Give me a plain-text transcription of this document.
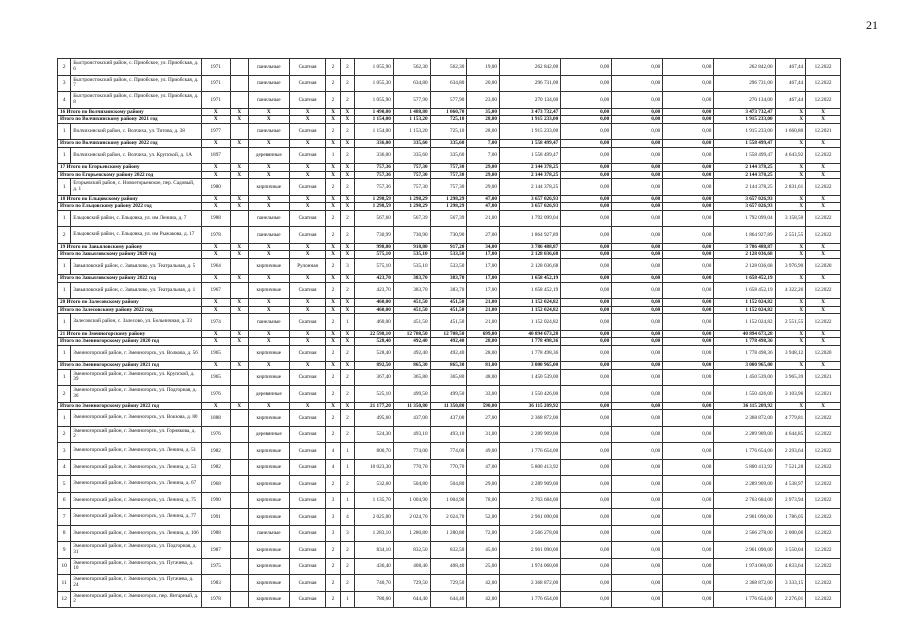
21
2	Быстроистокский район, с. Приобское, ул. Приобская, д. 6	1971		панельные	Скатная	2	2	1 055,90	562,30	562,30	19,00	262 842,00	0,00	0,00	0,00	262 842,00	467,44	12.2022
3	Быстроистокский район, с. Приобское, ул. Приобская, д. 7	1971		панельные	Скатная	2	2	1 055,30	634,80	634,80	20,00	296 731,00	0,00	0,00	0,00	296 731,00	467,44	12.2022
4	Быстроистокский район, с. Приобское, ул. Приобская, д. 8	1971		панельные	Скатная	2	2	1 055,90	577,90	577,90	23,00	270 134,00	0,00	0,00	0,00	270 134,00	467,44	12.2022
16 Итого по Волчихинскому району		X	X	X	X	X	X	1 490,00	1 488,80	1 060,70	35,00	3 473 732,47	0,00	0,00	0,00	3 473 732,47	X	X
Итого по Волчихинскому району 2021 год		X	X	X	X	X	X	1 154,00	1 153,20	725,10	28,00	1 915 233,00	0,00	0,00	0,00	1 915 233,00	X	X
1	Волчихинский район, с. Волчиха, ул. Титова, д. 38	1977		панельные	Скатная	2	2	1 154,00	1 153,20	725,10	28,00	1 915 233,00	0,00	0,00	0,00	1 915 233,00	1 660,80	12.2021
Итого по Волчихинскому району 2022 год		X	X	X	X	X	X	336,00	335,60	335,60	7,00	1 558 499,47	0,00	0,00	0,00	1 558 499,47	X	X
1	Волчихинский район, с. Волчиха, ул. Крупской, д. 1А	1897		деревянные	Скатная	1	2	336,00	335,60	335,60	7,00	1 558 499,47	0,00	0,00	0,00	1 558 499,47	4 643,92	12.2022
17 Итого по Егорьевскому району		X	X	X	X	X	X	757,36	757,30	757,30	29,00	2 144 378,25	0,00	0,00	0,00	2 144 378,25	X	X
Итого по Егорьевскому району 2022 год		X	X	X	X	X	X	757,36	757,30	757,30	29,00	2 144 378,25	0,00	0,00	0,00	2 144 378,25	X	X
1	Егорьевский район, с. Новоегорьевское, пер. Садовый, д. 1	1980		кирпичные	Скатная	2	2	757,36	757,30	757,30	29,00	2 144 378,25	0,00	0,00	0,00	2 144 378,25	2 831,61	12.2022
18 Итого по Ельцовскому району		X	X	X	X	X	X	1 298,59	1 298,29	1 298,29	47,00	3 657 026,93	0,00	0,00	0,00	3 657 026,93	X	X
Итого по Ельцовскому району 2022 год		X	X	X	X	X	X	1 298,59	1 298,29	1 298,29	47,00	3 657 026,93	0,00	0,00	0,00	3 657 026,93	X	X
1	Ельцовский район, с. Ельцовка, ул. им Ленина, д. 7	1988		панельные	Скатная	2	2	567,60	567,39	567,39	21,00	1 792 099,04	0,00	0,00	0,00	1 792 099,04	3 158,50	12.2022
2	Ельцовский район, с. Ельцовка, ул. им Рыжакова, д. 17	1978		панельные	Скатная	2	2	730,99	730,90	730,90	27,00	1 864 927,89	0,00	0,00	0,00	1 864 927,89	2 551,55	12.2022
19 Итого по Завьяловскому району		X	X	X	X	X	X	998,80	918,80	917,20	34,00	3 786 488,87	0,00	0,00	0,00	3 786 488,87	X	X
Итого по Завьяловскому району 2020 год		X	X	X	X	X	X	575,10	535,10	533,50	17,00	2 128 036,68	0,00	0,00	0,00	2 128 036,68	X	X
1	Завьяловский район, с. Завьялово, ул. Театральная, д. 5	1964		кирпичные	Рулонная	2	3	575,10	535,10	533,50	17,00	2 128 036,68	0,00	0,00	0,00	2 128 036,68	3 976,90	12.2020
Итого по Завьяловскому району 2022 год		X	X	X	X	X	X	423,70	383,70	383,70	17,00	1 658 452,19	0,00	0,00	0,00	1 658 452,19	X	X
1	Завьяловский район, с. Завьялово, ул. Театральная, д. 1	1967		кирпичные	Скатная	2	2	423,70	383,70	383,70	17,00	1 658 452,19	0,00	0,00	0,00	1 658 452,19	4 322,26	12.2022
20 Итого по Залесовскому району		X	X	X	X	X	X	460,00	451,50	451,50	21,00	1 152 024,82	0,00	0,00	0,00	1 152 024,82	X	X
Итого по Залесовскому району 2022 год		X	X	X	X	X	X	460,00	451,50	451,50	21,00	1 152 024,82	0,00	0,00	0,00	1 152 024,82	X	X
1	Залесовский район, с. Залесово, ул. Больничная, д. 33	1974		панельные	Скатная	2	1	460,00	451,50	451,50	21,00	1 152 024,82	0,00	0,00	0,00	1 152 024,82	2 551,55	12.2022
21 Итого по Змеиногорскому району		X	X	X	X	X	X	22 598,10	12 708,50	12 708,50	699,00	40 894 673,28	0,00	0,00	0,00	40 894 673,28	X	X
Итого по Змеиногорскому району 2020 год		X	X	X	X	X	X	528,40	492,40	492,40	28,00	1 778 498,36	0,00	0,00	0,00	1 778 498,36	X	X
1	Змеиногорский район, г. Змеиногорск, ул. Волкова, д. 56	1965		кирпичные	Скатная	2	2	528,40	492,40	492,40	28,00	1 778 498,36	0,00	0,00	0,00	1 778 498,36	3 948,12	12.2020
Итого по Змеиногорскому району 2021 год		X	X	X	X	X	X	892,50	865,30	865,30	81,00	3 000 965,00	0,00	0,00	0,00	3 000 965,00	X	X
1	Змеиногорский район, г. Змеиногорск, ул. Крупской, д. 39	1965		кирпичные	Скатная	2	2	367,40	365,80	365,80	48,00	1 450 539,00	0,00	0,00	0,00	1 450 539,00	3 965,39	12.2021
2	Змеиногорский район, г. Змеиногорск, ул. Подгорная, д. 36	1976		деревянные	Скатная	2	2	525,10	499,50	499,50	33,00	1 550 426,00	0,00	0,00	0,00	1 550 426,00	3 103,96	12.2021
Итого по Змеиногорскому району 2022 год		X	X	X	X	X	X	21 177,20	11 350,80	11 350,80	590,00	36 115 209,92	0,00	0,00	0,00	36 115 209,92	X	X
1	Змеиногорский район, г. Змеиногорск, ул. Вокзова, д. 80	1888		кирпичные	Скатная	2	2	495,60	437,00	437,00	27,00	2 368 872,00	0,00	0,00	0,00	2 368 872,00	4 779,81	12.2022
2	Змеиногорский район, г. Змеиногорск, ул. Горнякова, д. 2	1976		деревянные	Скатная	2	2	524,30	493,10	493,10	31,00	2 289 909,00	0,00	0,00	0,00	2 289 909,00	4 644,85	12.2022
3	Змеиногорский район, г. Змеиногорск, ул. Ленина, д. 51	1982		кирпичные	Скатная	4	1	800,70	774,00	774,00	49,00	1 776 654,00	0,00	0,00	0,00	1 776 654,00	2 293,64	12.2022
4	Змеиногорский район, г. Змеиногорск, ул. Ленина, д. 53	1982		кирпичные	Скатная	4	1	10 023,30	770,70	770,70	47,00	5 800 413,92	0,00	0,00	0,00	5 800 413,92	7 521,28	12.2022
5	Змеиногорский район, г. Змеиногорск, ул. Ленина, д. 67	1968		кирпичные	Скатная	2	2	532,60	504,80	504,80	29,00	2 289 909,00	0,00	0,00	0,00	2 289 909,00	4 538,97	12.2022
6	Змеиногорский район, г. Змеиногорск, ул. Ленина, д. 75	1990		кирпичные	Скатная	3	1	1 135,70	1 004,90	1 004,90	78,00	2 763 684,00	0,00	0,00	0,00	2 763 684,00	2 973,94	12.2022
7	Змеиногорский район, г. Змеиногорск, ул. Ленина, д. 77	1991		кирпичные	Скатная	3	4	2 025,00	2 024,70	2 024,70	52,00	2 961 090,00	0,00	0,00	0,00	2 961 090,00	1 786,05	12.2022
8	Змеиногорский район, г. Змеиногорск, ул. Ленина, д. 106	1988		панельные	Скатная	3	3	1 283,10	1 280,80	1 280,80	72,00	2 566 278,00	0,00	0,00	0,00	2 566 278,00	2 000,06	12.2022
9	Змеиногорский район, г. Змеиногорск, ул. Подгорная, д. 31	1987		кирпичные	Скатная	2	2	834,10	832,50	832,50	45,00	2 961 090,00	0,00	0,00	0,00	2 961 090,00	3 550,04	12.2022
10	Змеиногорский район, г. Змеиногорск, ул. Пугачева, д. 10	1975		кирпичные	Скатная	2	2	436,40	408,40	408,40	25,00	1 974 060,00	0,00	0,00	0,00	1 974 060,00	4 833,64	12.2022
11	Змеиногорский район, г. Змеиногорск, ул. Пугачева, д. 24	1983		кирпичные	Скатная	2	2	740,70	729,50	729,50	42,00	2 368 872,00	0,00	0,00	0,00	2 368 872,00	3 333,15	12.2022
12	Змеиногорский район, г. Змеиногорск, пер. Янтарный, д. 2	1978		кирпичные	Скатная	2	1	780,60	644,40	644,40	42,00	1 776 654,00	0,00	0,00	0,00	1 776 654,00	2 276,01	12.2022
